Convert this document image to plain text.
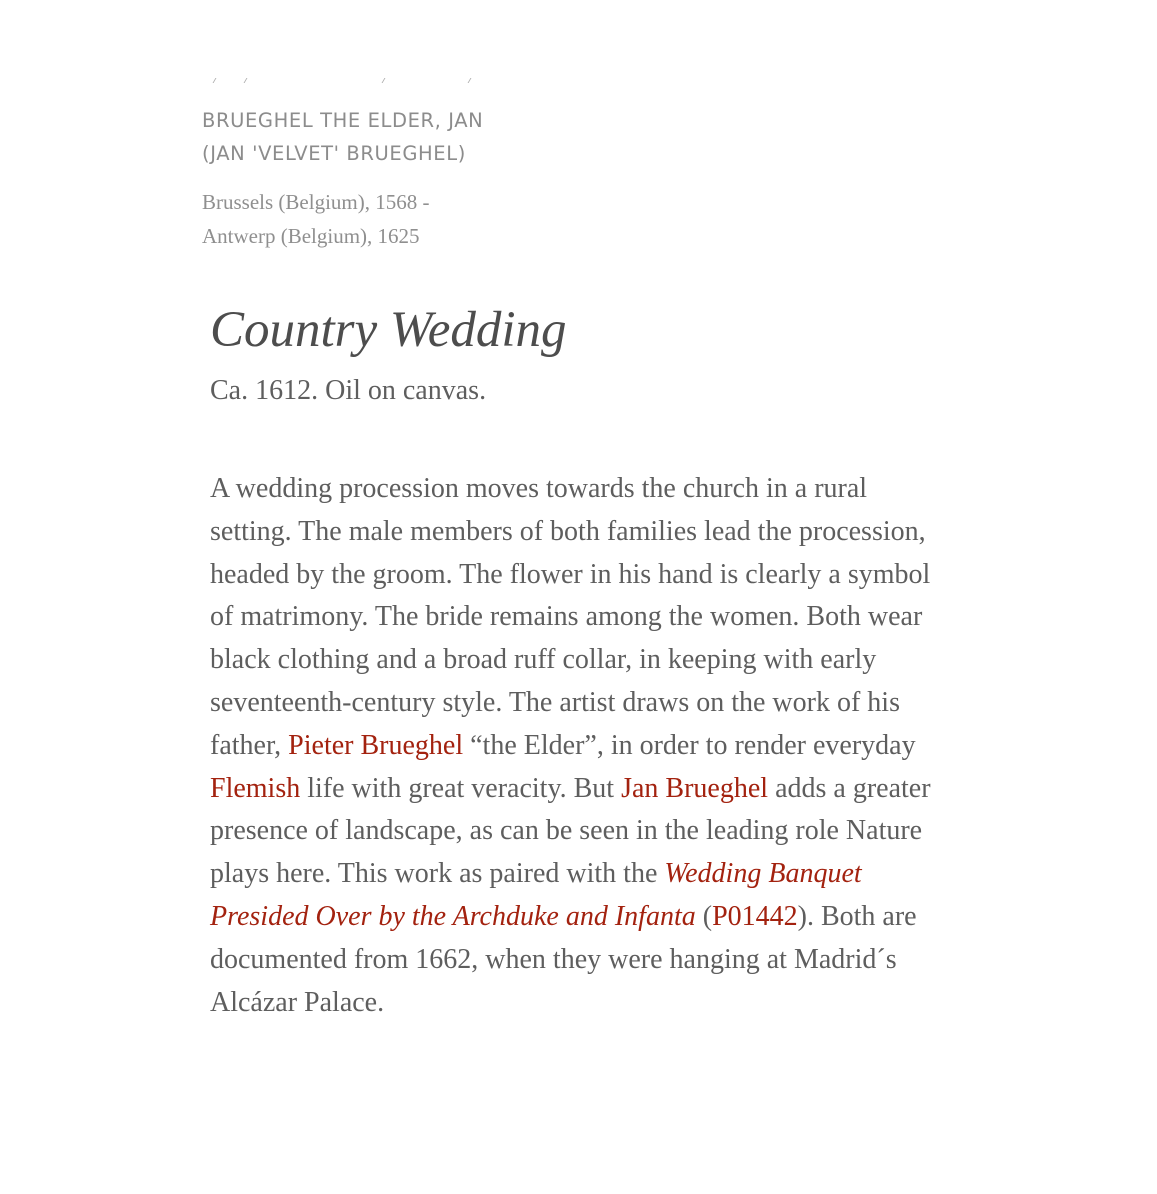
BRUEGHEL THE ELDER, JAN (JAN 'VELVET' BRUEGHEL)

Brussels (Belgium), 1568 - Antwerp (Belgium), 1625

Country Wedding

Ca. 1612. Oil on canvas.

A wedding procession moves towards the church in a rural setting. The male members of both families lead the procession, headed by the groom. The flower in his hand is clearly a symbol of matrimony. The bride remains among the women. Both wear black clothing and a broad ruff collar, in keeping with early seventeenth-century style. The artist draws on the work of his father, Pieter Brueghel “the Elder”, in order to render everyday Flemish life with great veracity. But Jan Brueghel adds a greater presence of landscape, as can be seen in the leading role Nature plays here. This work as paired with the Wedding Banquet Presided Over by the Archduke and Infanta (P01442). Both are documented from 1662, when they were hanging at Madrid´s Alcázar Palace.
